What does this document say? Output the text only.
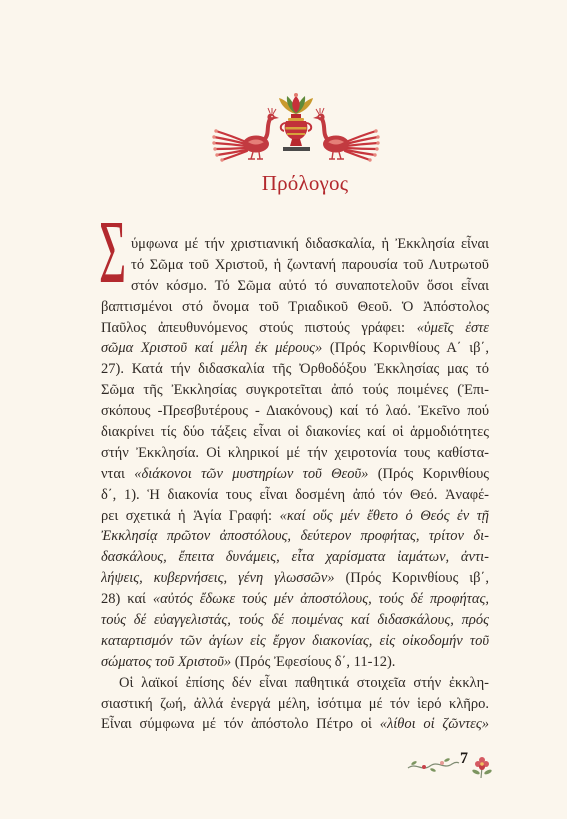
Πρόλογος
Σ ύμφωνα μέ τήν χριστιανική διδασκαλία, ἡ Ἐκκλησία εἶναι
τό Σῶμα τοῦ Χριστοῦ, ἡ ζωντανή παρουσία τοῦ Λυτρωτοῦ
στόν κόσμο. Τό Σῶμα αὐτό τό συναποτελοῦν ὅσοι εἶναι
βαπτισμένοι στό ὄνομα τοῦ Τριαδικοῦ Θεοῦ. Ὁ Ἀπόστολος
Παῦλος ἀπευθυνόμενος στούς πιστούς γράφει: «ὑμεῖς ἐστε
σῶμα Χριστοῦ καί μέλη ἐκ μέρους» (Πρός Κορινθίους Α΄ ιβ΄,
27). Κατά τήν διδασκαλία τῆς Ὀρθοδόξου Ἐκκλησίας μας τό
Σῶμα τῆς Ἐκκλησίας συγκροτεῖται ἀπό τούς ποιμένες (Ἐπι-
σκόπους -Πρεσβυτέρους - Διακόνους) καί τό λαό. Ἐκεῖνο πού
διακρίνει τίς δύο τάξεις εἶναι οἱ διακονίες καί οἱ ἁρμοδιότητες
στήν Ἐκκλησία. Οἱ κληρικοί μέ τήν χειροτονία τους καθίστα-
νται «διάκονοι τῶν μυστηρίων τοῦ Θεοῦ» (Πρός Κορινθίους
δ΄, 1). Ἡ διακονία τους εἶναι δοσμένη ἀπό τόν Θεό. Ἀναφέ-
ρει σχετικά ἡ Ἁγία Γραφή: «καί οὕς μέν ἔθετο ὁ Θεός ἐν τῇ
Ἐκκλησίᾳ πρῶτον ἀποστόλους, δεύτερον προφήτας, τρίτον δι-
δασκάλους, ἔπειτα δυνάμεις, εἶτα χαρίσματα ἰαμάτων, ἀντι-
λήψεις, κυβερνήσεις, γένη γλωσσῶν» (Πρός Κορινθίους ιβ΄,
28) καί «αὐτός ἔδωκε τούς μέν ἀποστόλους, τούς δέ προφήτας,
τούς δέ εὐαγγελιστάς, τούς δέ ποιμένας καί διδασκάλους, πρός
καταρτισμόν τῶν ἁγίων εἰς ἔργον διακονίας, εἰς οἰκοδομήν τοῦ
σώματος τοῦ Χριστοῦ» (Πρός Ἐφεσίους δ΄, 11-12).
Οἱ λαϊκοί ἐπίσης δέν εἶναι παθητικά στοιχεῖα στήν ἐκκλη-
σιαστική ζωή, ἀλλά ἐνεργά μέλη, ἰσότιμα μέ τόν ἱερό κλῆρο.
Εἶναι σύμφωνα μέ τόν ἀπόστολο Πέτρο οἱ «λίθοι οἱ ζῶντες»
7
